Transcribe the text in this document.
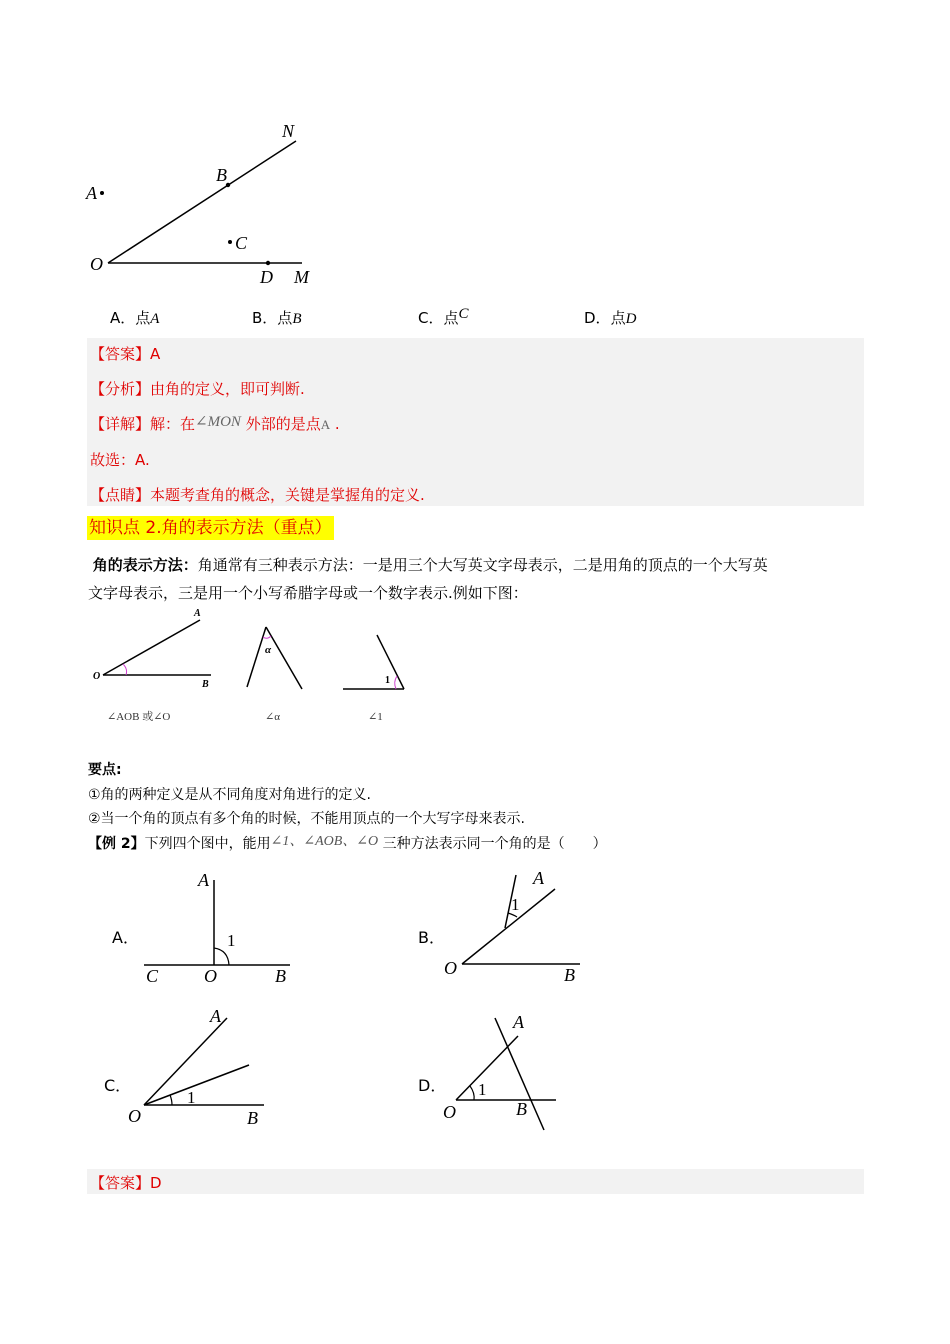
N
B
A
C
O
D M
A．点A	B．点B	C．点C	D．点D
【答案】A
【分析】由角的定义，即可判断.
【详解】解：在∠MON 外部的是点A .
故选：A.
【点睛】本题考查角的概念，关键是掌握角的定义.
知识点 2.角的表示方法（重点）
角的表示方法：角通常有三种表示方法：一是用三个大写英文字母表示，二是用角的顶点的一个大写英
文字母表示，三是用一个小写希腊字母或一个数字表示.例如下图：
A
O
B
∠AOB 或∠O
α
∠α
1
∠1
要点:
①角的两种定义是从不同角度对角进行的定义.
②当一个角的顶点有多个角的时候，不能用顶点的一个大写字母来表示.
【例 2】下列四个图中，能用∠1、∠AOB、∠O 三种方法表示同一个角的是（　　）
A．
A
1
C	O	B
B．
A
1
O	B
C．
A
1
O	B
D．
A
1
O	B
【答案】D
